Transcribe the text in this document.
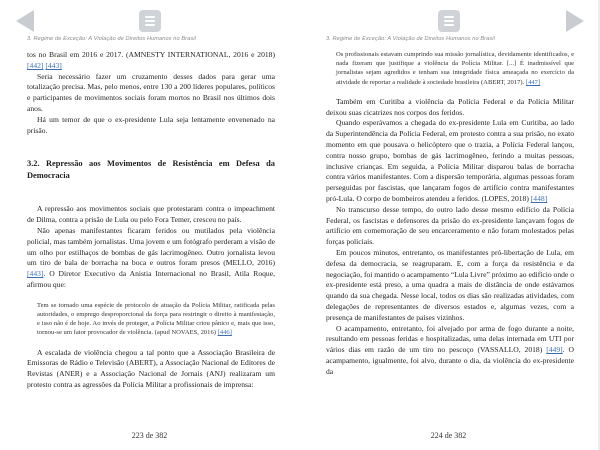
3. Regime de Exceção: A Violação de Direitos Humanos no Brasil

tos no Brasil em 2016 e 2017. (AMNESTY INTERNATIONAL, 2016 e 2018) [442] [443]

Seria necessário fazer um cruzamento desses dados para gerar uma totalização precisa. Mas, pelo menos, entre 130 a 200 líderes populares, políticos e participantes de movimentos sociais foram mortos no Brasil nos últimos dois anos.

Há um temor de que o ex-presidente Lula seja lentamente envenenado na prisão.

3.2. Repressão aos Movimentos de Resistência em Defesa da Democracia

A repressão aos movimentos sociais que protestaram contra o impeachment de Dilma, contra a prisão de Lula ou pelo Fora Temer, cresceu no país.

Não apenas manifestantes ficaram feridos ou mutilados pela violência policial, mas também jornalistas. Uma jovem e um fotógrafo perderam a visão de um olho por estilhaços de bombas de gás lacrimogêneo. Outro jornalista levou um tiro de bala de borracha na boca e outros foram presos (MELLO, 2016) [443]. O Diretor Executivo da Anistia Internacional no Brasil, Atila Roque, afirmou que:

Tem se tornado uma espécie de protocolo de atuação da Polícia Militar, ratificada pelas autoridades, o emprego desproporcional da força para restringir o direito à manifestação, e isso não é de hoje. Ao invés de proteger, a Polícia Militar criou pânico e, mais que isso, tornou-se um fator provocador de violência. (apud NOVAES, 2016) [446]

A escalada de violência chegou a tal ponto que a Associação Brasileira de Emissoras de Rádio e Televisão (ABERT), a Associação Nacional de Editores de Revistas (ANER) e a Associação Nacional de Jornais (ANJ) realizaram um protesto contra as agressões da Polícia Militar a profissionais de imprensa:

223 de 382
3. Regime de Exceção: A Violação de Direitos Humanos no Brasil

Os profissionais estavam cumprindo sua missão jornalística, devidamente identificados, e nada fizeram que justifique a violência da Polícia Militar. [...] É inadmissível que jornalistas sejam agredidos e tenham sua integridade física ameaçada no exercício da atividade de reportar a realidade à sociedade brasileira (ABERT, 2017). [447]

Também em Curitiba a violência da Polícia Federal e da Polícia Militar deixou suas cicatrizes nos corpos dos feridos.

Quando esperávamos a chegada do ex-presidente Lula em Curitiba, ao lado da Superintendência da Polícia Federal, em protesto contra a sua prisão, no exato momento em que pousava o helicóptero que o trazia, a Polícia Federal lançou, contra nosso grupo, bombas de gás lacrimogêneo, ferindo a muitas pessoas, inclusive crianças. Em seguida, a Polícia Militar disparou balas de borracha contra vários manifestantes. Com a dispersão temporária, algumas pessoas foram perseguidas por fascistas, que lançaram fogos de artifício contra manifestantes pró-Lula. O corpo de bombeiros atendeu a feridos. (LOPES, 2018) [448]

No transcurso desse tempo, do outro lado desse mesmo edifício da Polícia Federal, os fascistas e defensores da prisão do ex-presidente lançavam fogos de artifício em comemoração de seu encarceramento e não foram molestados pelas forças policiais.

Em poucos minutos, entretanto, os manifestantes pró-libertação de Lula, em defesa da democracia, se reagruparam. E, com a força da resistência e da negociação, foi mantido o acampamento “Lula Livre” próximo ao edifício onde o ex-presidente está preso, a uma quadra a mais de distância de onde estávamos quando da sua chegada. Nesse local, todos os dias são realizadas atividades, com delegações de representantes de diversos estados e, algumas vezes, com a presença de manifestantes de países vizinhos.

O acampamento, entretanto, foi alvejado por arma de fogo durante a noite, resultando em pessoas feridas e hospitalizadas, uma delas internada em UTI por vários dias em razão de um tiro no pescoço (VASSALLO, 2018) [449]. O acampamento, igualmente, foi alvo, durante o dia, da violência do ex-presidente da

224 de 382
